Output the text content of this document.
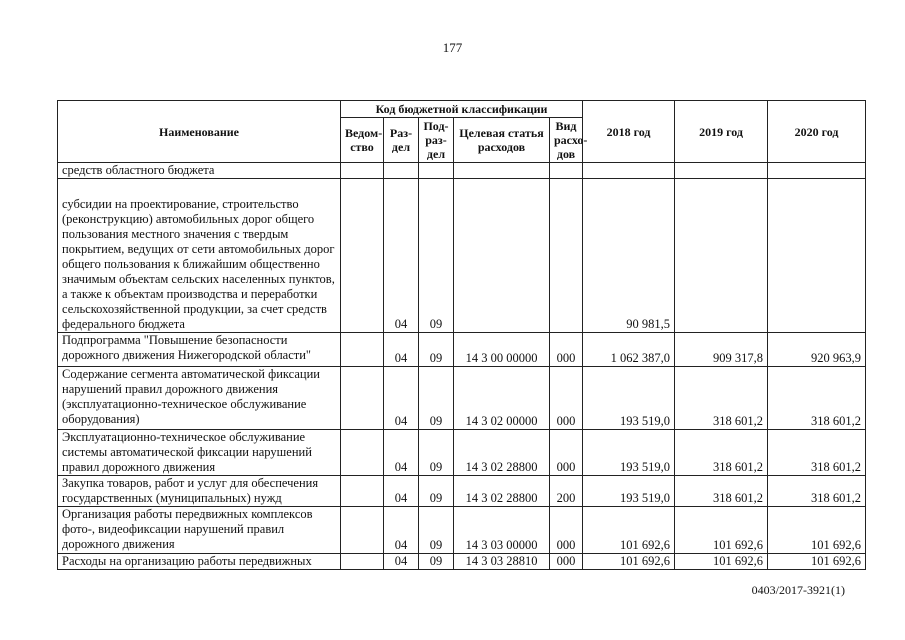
177
Наименование	Код бюджетной классификации					2018 год	2019 год	2020 год
	Ведом-ство	Раз-дел	Под-раз-дел	Целевая статья расходов	Вид расхо-дов			
средств областного бюджета								
субсидии на проектирование, строительство (реконструкцию) автомобильных дорог общего пользования местного значения с твердым покрытием, ведущих от сети автомобильных дорог общего пользования к ближайшим общественно значимым объектам сельских населенных пунктов, а также к объектам производства и переработки сельскохозяйственной продукции, за счет средств федерального бюджета		04	09			90 981,5		
Подпрограмма "Повышение безопасности дорожного движения Нижегородской области"		04	09	14 3 00 00000	000	1 062 387,0	909 317,8	920 963,9
Содержание сегмента автоматической фиксации нарушений правил дорожного движения (эксплуатационно-техническое обслуживание оборудования)		04	09	14 3 02 00000	000	193 519,0	318 601,2	318 601,2
Эксплуатационно-техническое обслуживание системы автоматической фиксации нарушений правил дорожного движения		04	09	14 3 02 28800	000	193 519,0	318 601,2	318 601,2
Закупка товаров, работ и услуг для обеспечения государственных (муниципальных) нужд		04	09	14 3 02 28800	200	193 519,0	318 601,2	318 601,2
Организация работы передвижных комплексов фото-, видеофиксации нарушений правил дорожного движения		04	09	14 3 03 00000	000	101 692,6	101 692,6	101 692,6
Расходы на организацию работы передвижных		04	09	14 3 03 28810	000	101 692,6	101 692,6	101 692,6
0403/2017-3921(1)
